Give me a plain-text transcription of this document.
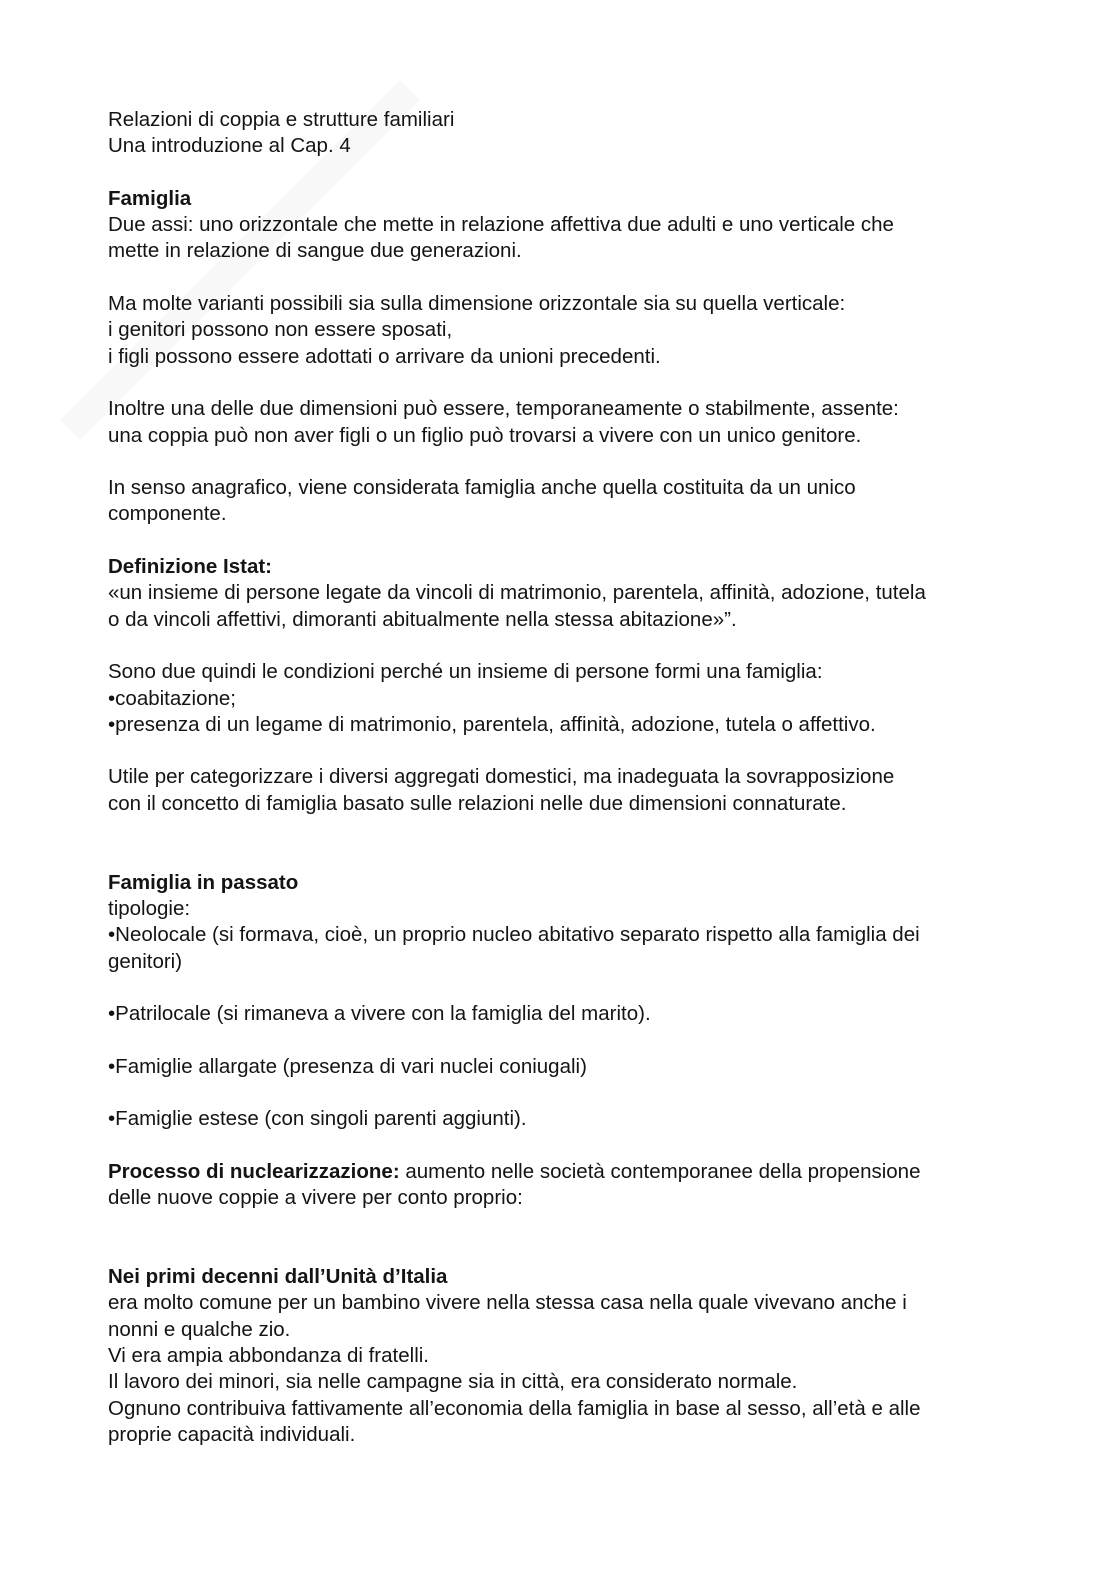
Relazioni di coppia e strutture familiari
Una introduzione al Cap. 4
Famiglia
Due assi: uno orizzontale che mette in relazione affettiva due adulti e uno verticale che
mette in relazione di sangue due generazioni.
Ma molte varianti possibili sia sulla dimensione orizzontale sia su quella verticale:
i genitori possono non essere sposati,
i figli possono essere adottati o arrivare da unioni precedenti.
Inoltre una delle due dimensioni può essere, temporaneamente o stabilmente, assente:
una coppia può non aver figli o un figlio può trovarsi a vivere con un unico genitore.
In senso anagrafico, viene considerata famiglia anche quella costituita da un unico
componente.
Definizione Istat:
«un insieme di persone legate da vincoli di matrimonio, parentela, affinità, adozione, tutela
o da vincoli affettivi, dimoranti abitualmente nella stessa abitazione»”.
Sono due quindi le condizioni perché un insieme di persone formi una famiglia:
•coabitazione;
•presenza di un legame di matrimonio, parentela, affinità, adozione, tutela o affettivo.
Utile per categorizzare i diversi aggregati domestici, ma inadeguata la sovrapposizione
con il concetto di famiglia basato sulle relazioni nelle due dimensioni connaturate.
Famiglia in passato
tipologie:
•Neolocale (si formava, cioè, un proprio nucleo abitativo separato rispetto alla famiglia dei
genitori)
•Patrilocale (si rimaneva a vivere con la famiglia del marito).
•Famiglie allargate (presenza di vari nuclei coniugali)
•Famiglie estese (con singoli parenti aggiunti).
Processo di nuclearizzazione: aumento nelle società contemporanee della propensione
delle nuove coppie a vivere per conto proprio:
Nei primi decenni dall’Unità d’Italia
era molto comune per un bambino vivere nella stessa casa nella quale vivevano anche i
nonni e qualche zio.
Vi era ampia abbondanza di fratelli.
Il lavoro dei minori, sia nelle campagne sia in città, era considerato normale.
Ognuno contribuiva fattivamente all’economia della famiglia in base al sesso, all’età e alle
proprie capacità individuali.
